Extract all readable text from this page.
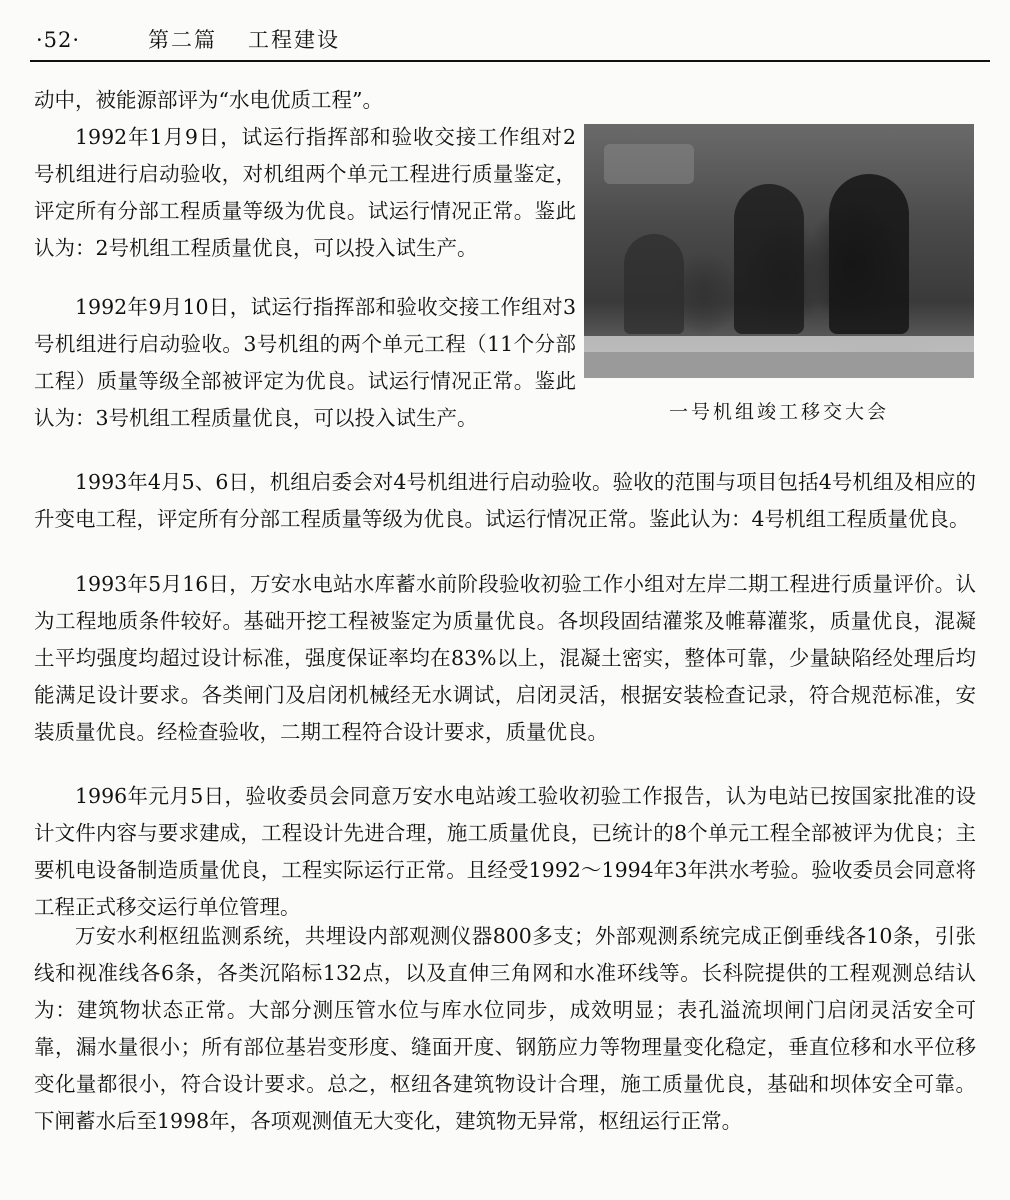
·52·	第二篇 工程建设

动中，被能源部评为“水电优质工程”。

1992年1月9日，试运行指挥部和验收交接工作组对2号机组进行启动验收，对机组两个单元工程进行质量鉴定，评定所有分部工程质量等级为优良。试运行情况正常。鉴此认为：2号机组工程质量优良，可以投入试生产。

1992年9月10日，试运行指挥部和验收交接工作组对3号机组进行启动验收。3号机组的两个单元工程（11个分部工程）质量等级全部被评定为优良。试运行情况正常。鉴此认为：3号机组工程质量优良，可以投入试生产。	一号机组竣工移交大会

1993年4月5、6日，机组启委会对4号机组进行启动验收。验收的范围与项目包括4号机组及相应的升变电工程，评定所有分部工程质量等级为优良。试运行情况正常。鉴此认为：4号机组工程质量优良。

1993年5月16日，万安水电站水库蓄水前阶段验收初验工作小组对左岸二期工程进行质量评价。认为工程地质条件较好。基础开挖工程被鉴定为质量优良。各坝段固结灌浆及帷幕灌浆，质量优良，混凝土平均强度均超过设计标准，强度保证率均在83%以上，混凝土密实，整体可靠，少量缺陷经处理后均能满足设计要求。各类闸门及启闭机械经无水调试，启闭灵活，根据安装检查记录，符合规范标准，安装质量优良。经检查验收，二期工程符合设计要求，质量优良。

1996年元月5日，验收委员会同意万安水电站竣工验收初验工作报告，认为电站已按国家批准的设计文件内容与要求建成，工程设计先进合理，施工质量优良，已统计的8个单元工程全部被评为优良；主要机电设备制造质量优良，工程实际运行正常。且经受1992～1994年3年洪水考验。验收委员会同意将工程正式移交运行单位管理。

万安水利枢纽监测系统，共埋设内部观测仪器800多支；外部观测系统完成正倒垂线各10条，引张线和视准线各6条，各类沉陷标132点，以及直伸三角网和水准环线等。长科院提供的工程观测总结认为：建筑物状态正常。大部分测压管水位与库水位同步，成效明显；表孔溢流坝闸门启闭灵活安全可靠，漏水量很小；所有部位基岩变形度、缝面开度、钢筋应力等物理量变化稳定，垂直位移和水平位移变化量都很小，符合设计要求。总之，枢纽各建筑物设计合理，施工质量优良，基础和坝体安全可靠。下闸蓄水后至1998年，各项观测值无大变化，建筑物无异常，枢纽运行正常。
